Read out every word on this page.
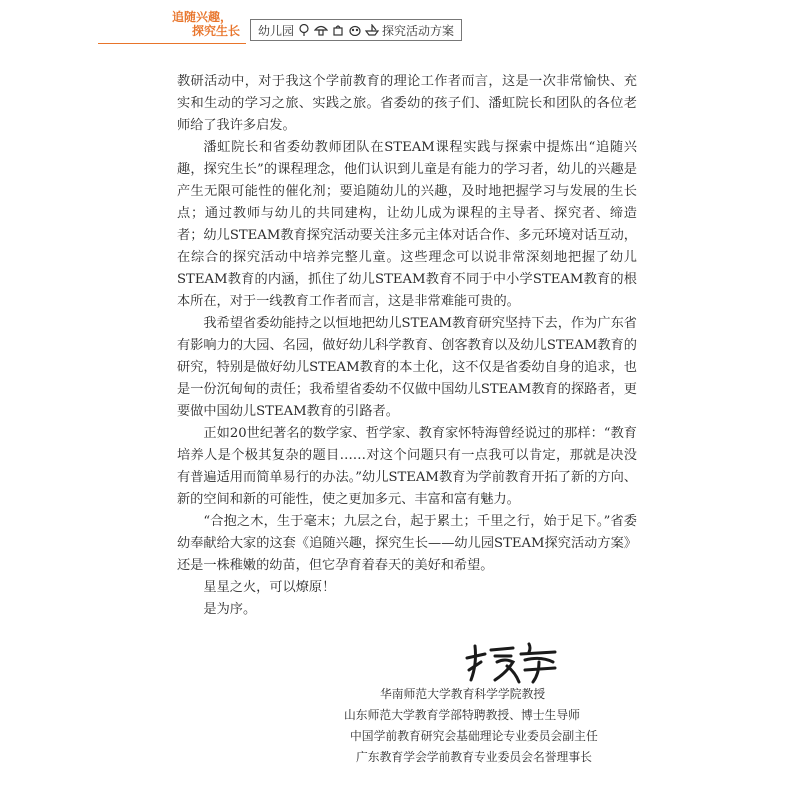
追随兴趣，
探究生长	幼儿园	探究活动方案

教研活动中，对于我这个学前教育的理论工作者而言，这是一次非常愉快、充实和生动的学习之旅、实践之旅。省委幼的孩子们、潘虹院长和团队的各位老师给了我许多启发。

潘虹院长和省委幼教师团队在STEAM课程实践与探索中提炼出“追随兴趣，探究生长”的课程理念，他们认识到儿童是有能力的学习者，幼儿的兴趣是产生无限可能性的催化剂；要追随幼儿的兴趣，及时地把握学习与发展的生长点；通过教师与幼儿的共同建构，让幼儿成为课程的主导者、探究者、缔造者；幼儿STEAM教育探究活动要关注多元主体对话合作、多元环境对话互动，在综合的探究活动中培养完整儿童。这些理念可以说非常深刻地把握了幼儿STEAM教育的内涵，抓住了幼儿STEAM教育不同于中小学STEAM教育的根本所在，对于一线教育工作者而言，这是非常难能可贵的。

我希望省委幼能持之以恒地把幼儿STEAM教育研究坚持下去，作为广东省有影响力的大园、名园，做好幼儿科学教育、创客教育以及幼儿STEAM教育的研究，特别是做好幼儿STEAM教育的本土化，这不仅是省委幼自身的追求，也是一份沉甸甸的责任；我希望省委幼不仅做中国幼儿STEAM教育的探路者，更要做中国幼儿STEAM教育的引路者。

正如20世纪著名的数学家、哲学家、教育家怀特海曾经说过的那样：“教育培养人是个极其复杂的题目……对这个问题只有一点我可以肯定，那就是决没有普遍适用而简单易行的办法。”幼儿STEAM教育为学前教育开拓了新的方向、新的空间和新的可能性，使之更加多元、丰富和富有魅力。

“合抱之木，生于毫末；九层之台，起于累土；千里之行，始于足下。”省委幼奉献给大家的这套《追随兴趣，探究生长——幼儿园STEAM探究活动方案》还是一株稚嫩的幼苗，但它孕育着春天的美好和希望。

星星之火，可以燎原！

是为序。

华南师范大学教育科学学院教授
山东师范大学教育学部特聘教授、博士生导师
中国学前教育研究会基础理论专业委员会副主任
广东教育学会学前教育专业委员会名誉理事长
